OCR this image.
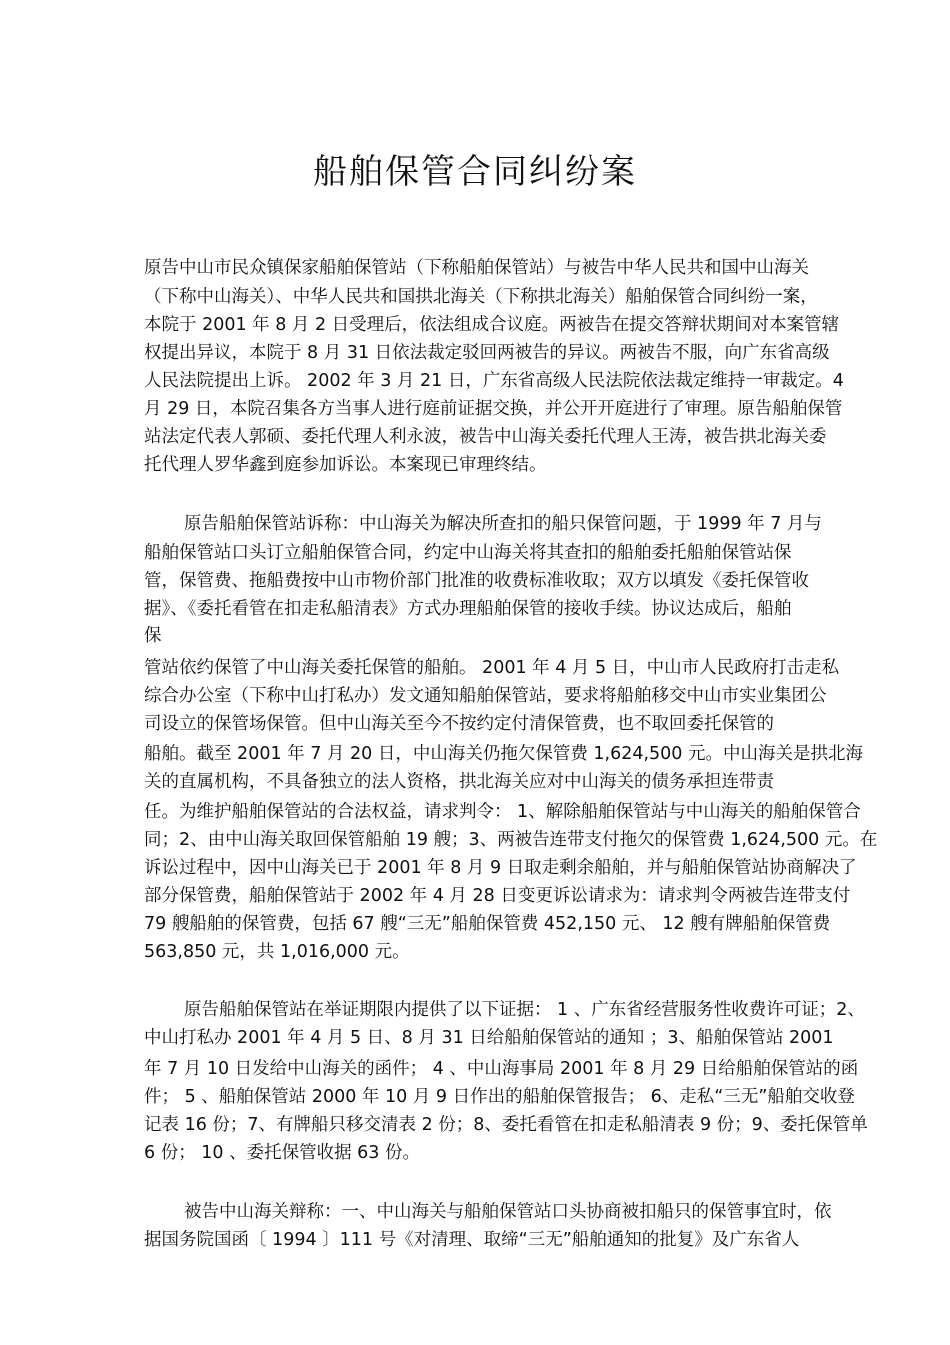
船舶保管合同纠纷案

原告中山市民众镇保家船舶保管站（下称船舶保管站）与被告中华人民共和国中山海关

（下称中山海关）、中华人民共和国拱北海关（下称拱北海关）船舶保管合同纠纷一案，

本院于 2001 年 8 月 2 日受理后，依法组成合议庭。两被告在提交答辩状期间对本案管辖

权提出异议，本院于 8 月 31 日依法裁定驳回两被告的异议。两被告不服，向广东省高级

人民法院提出上诉。 2002 年 3 月 21 日，广东省高级人民法院依法裁定维持一审裁定。4

月 29 日，本院召集各方当事人进行庭前证据交换，并公开开庭进行了审理。原告船舶保管

站法定代表人郭硕、委托代理人利永波，被告中山海关委托代理人王涛，被告拱北海关委

托代理人罗华鑫到庭参加诉讼。本案现已审理终结。

原告船舶保管站诉称：中山海关为解决所查扣的船只保管问题，于 1999 年 7 月与

船舶保管站口头订立船舶保管合同，约定中山海关将其查扣的船舶委托船舶保管站保

管，保管费、拖船费按中山市物价部门批准的收费标准收取；双方以填发《委托保管收

据》、《委托看管在扣走私船清表》方式办理船舶保管的接收手续。协议达成后，船舶

保

管站依约保管了中山海关委托保管的船舶。 2001 年 4 月 5 日，中山市人民政府打击走私

综合办公室（下称中山打私办）发文通知船舶保管站，要求将船舶移交中山市实业集团公

司设立的保管场保管。但中山海关至今不按约定付清保管费，也不取回委托保管的

船舶。截至 2001 年 7 月 20 日，中山海关仍拖欠保管费 1,624,500 元。中山海关是拱北海

关的直属机构，不具备独立的法人资格，拱北海关应对中山海关的债务承担连带责

任。为维护船舶保管站的合法权益，请求判令： 1、解除船舶保管站与中山海关的船舶保管合

同；2、由中山海关取回保管船舶 19 艘；3、两被告连带支付拖欠的保管费 1,624,500 元。在

诉讼过程中，因中山海关已于 2001 年 8 月 9 日取走剩余船舶，并与船舶保管站协商解决了

部分保管费，船舶保管站于 2002 年 4 月 28 日变更诉讼请求为：请求判令两被告连带支付

79 艘船舶的保管费，包括 67 艘“三无”船舶保管费 452,150 元、 12 艘有牌船舶保管费

563,850 元，共 1,016,000 元。

原告船舶保管站在举证期限内提供了以下证据： 1 、广东省经营服务性收费许可证；2、

中山打私办 2001 年 4 月 5 日、8 月 31 日给船舶保管站的通知 ；3、船舶保管站 2001

年 7 月 10 日发给中山海关的函件； 4 、中山海事局 2001 年 8 月 29 日给船舶保管站的函

件； 5 、船舶保管站 2000 年 10 月 9 日作出的船舶保管报告； 6、走私“三无”船舶交收登

记表 16 份；7、有牌船只移交清表 2 份；8、委托看管在扣走私船清表 9 份；9、委托保管单

6 份； 10 、委托保管收据 63 份。

被告中山海关辩称：一、中山海关与船舶保管站口头协商被扣船只的保管事宜时，依

据国务院国函〔 1994 〕111 号《对清理、取缔“三无”船舶通知的批复》及广东省人
